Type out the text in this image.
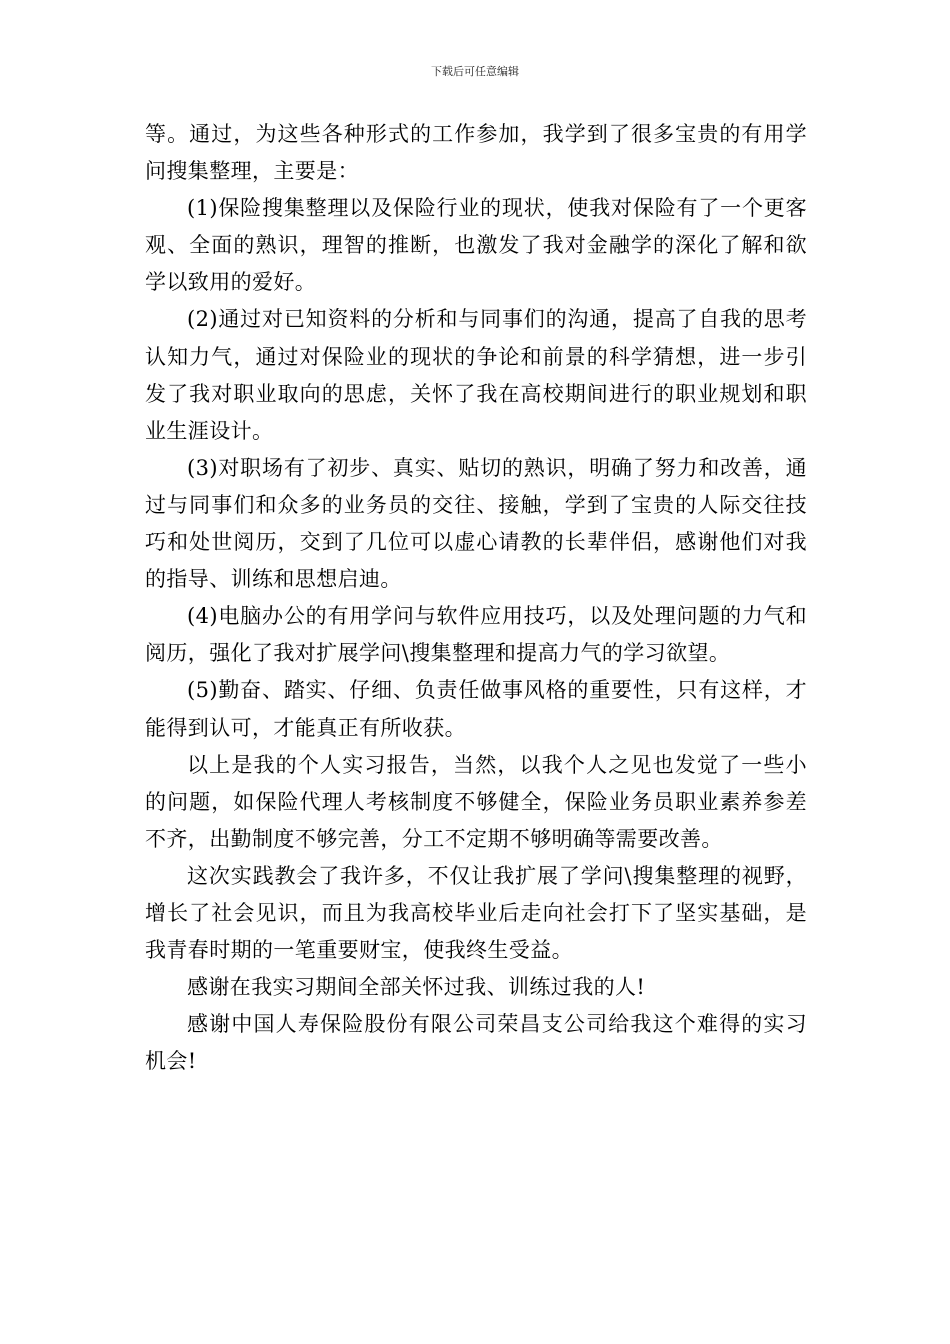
下载后可任意编辑

等。通过，为这些各种形式的工作参加，我学到了很多宝贵的有用学问搜集整理，主要是：

(1)保险搜集整理以及保险行业的现状，使我对保险有了一个更客观、全面的熟识，理智的推断，也激发了我对金融学的深化了解和欲学以致用的爱好。

(2)通过对已知资料的分析和与同事们的沟通，提高了自我的思考认知力气，通过对保险业的现状的争论和前景的科学猜想，进一步引发了我对职业取向的思虑，关怀了我在高校期间进行的职业规划和职业生涯设计。

(3)对职场有了初步、真实、贴切的熟识，明确了努力和改善，通过与同事们和众多的业务员的交往、接触，学到了宝贵的人际交往技巧和处世阅历，交到了几位可以虚心请教的长辈伴侣，感谢他们对我的指导、训练和思想启迪。

(4)电脑办公的有用学问与软件应用技巧，以及处理问题的力气和阅历，强化了我对扩展学问\搜集整理和提高力气的学习欲望。

(5)勤奋、踏实、仔细、负责任做事风格的重要性，只有这样，才能得到认可，才能真正有所收获。

以上是我的个人实习报告，当然，以我个人之见也发觉了一些小的问题，如保险代理人考核制度不够健全，保险业务员职业素养参差不齐，出勤制度不够完善，分工不定期不够明确等需要改善。

这次实践教会了我许多，不仅让我扩展了学问\搜集整理的视野，增长了社会见识，而且为我高校毕业后走向社会打下了坚实基础，是我青春时期的一笔重要财宝，使我终生受益。

感谢在我实习期间全部关怀过我、训练过我的人!

感谢中国人寿保险股份有限公司荣昌支公司给我这个难得的实习机会!
